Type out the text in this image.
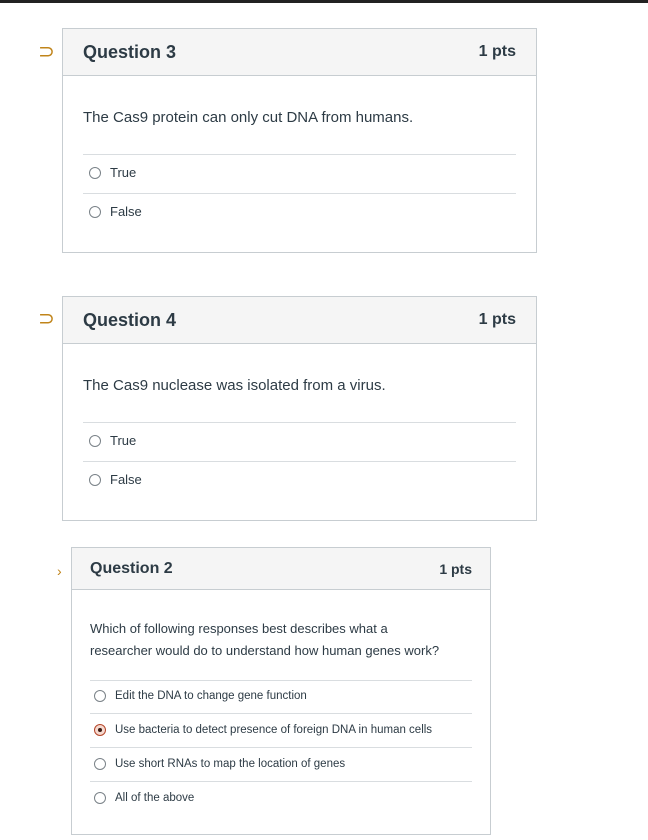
⊃ Question 3	1 pts
The Cas9 protein can only cut DNA from humans.
True
False
⊃ Question 4	1 pts
The Cas9 nuclease was isolated from a virus.
True
False
› Question 2	1 pts
Which of following responses best describes what a
researcher would do to understand how human genes work?
Edit the DNA to change gene function
Use bacteria to detect presence of foreign DNA in human cells
Use short RNAs to map the location of genes
All of the above
